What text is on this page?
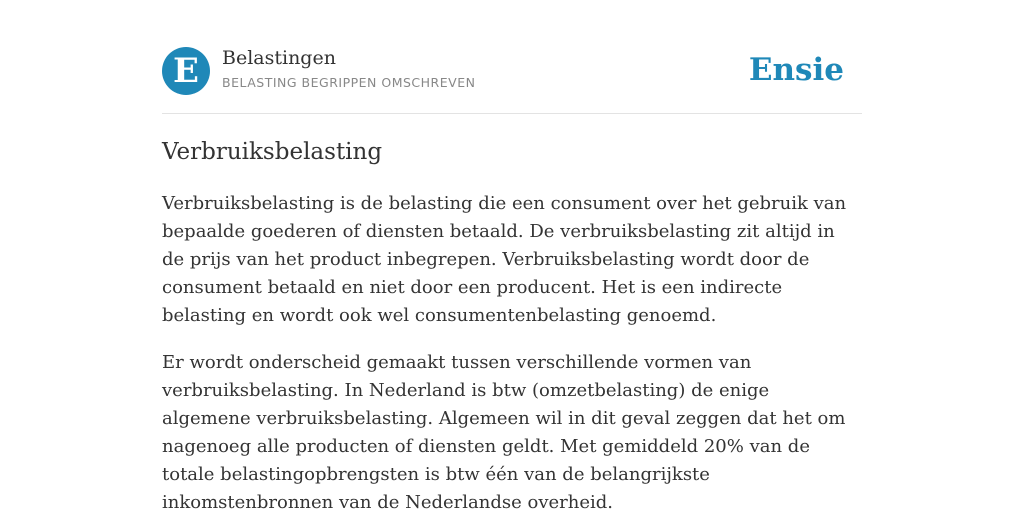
E	Belastingen
BELASTING BEGRIPPEN OMSCHREVEN	Ensie
Verbruiksbelasting

Verbruiksbelasting is de belasting die een consument over het gebruik van bepaalde goederen of diensten betaald. De verbruiksbelasting zit altijd in de prijs van het product inbegrepen. Verbruiksbelasting wordt door de consument betaald en niet door een producent. Het is een indirecte belasting en wordt ook wel consumentenbelasting genoemd.

Er wordt onderscheid gemaakt tussen verschillende vormen van verbruiksbelasting. In Nederland is btw (omzetbelasting) de enige algemene verbruiksbelasting. Algemeen wil in dit geval zeggen dat het om nagenoeg alle producten of diensten geldt. Met gemiddeld 20% van de totale belastingopbrengsten is btw één van de belangrijkste inkomstenbronnen van de Nederlandse overheid.
